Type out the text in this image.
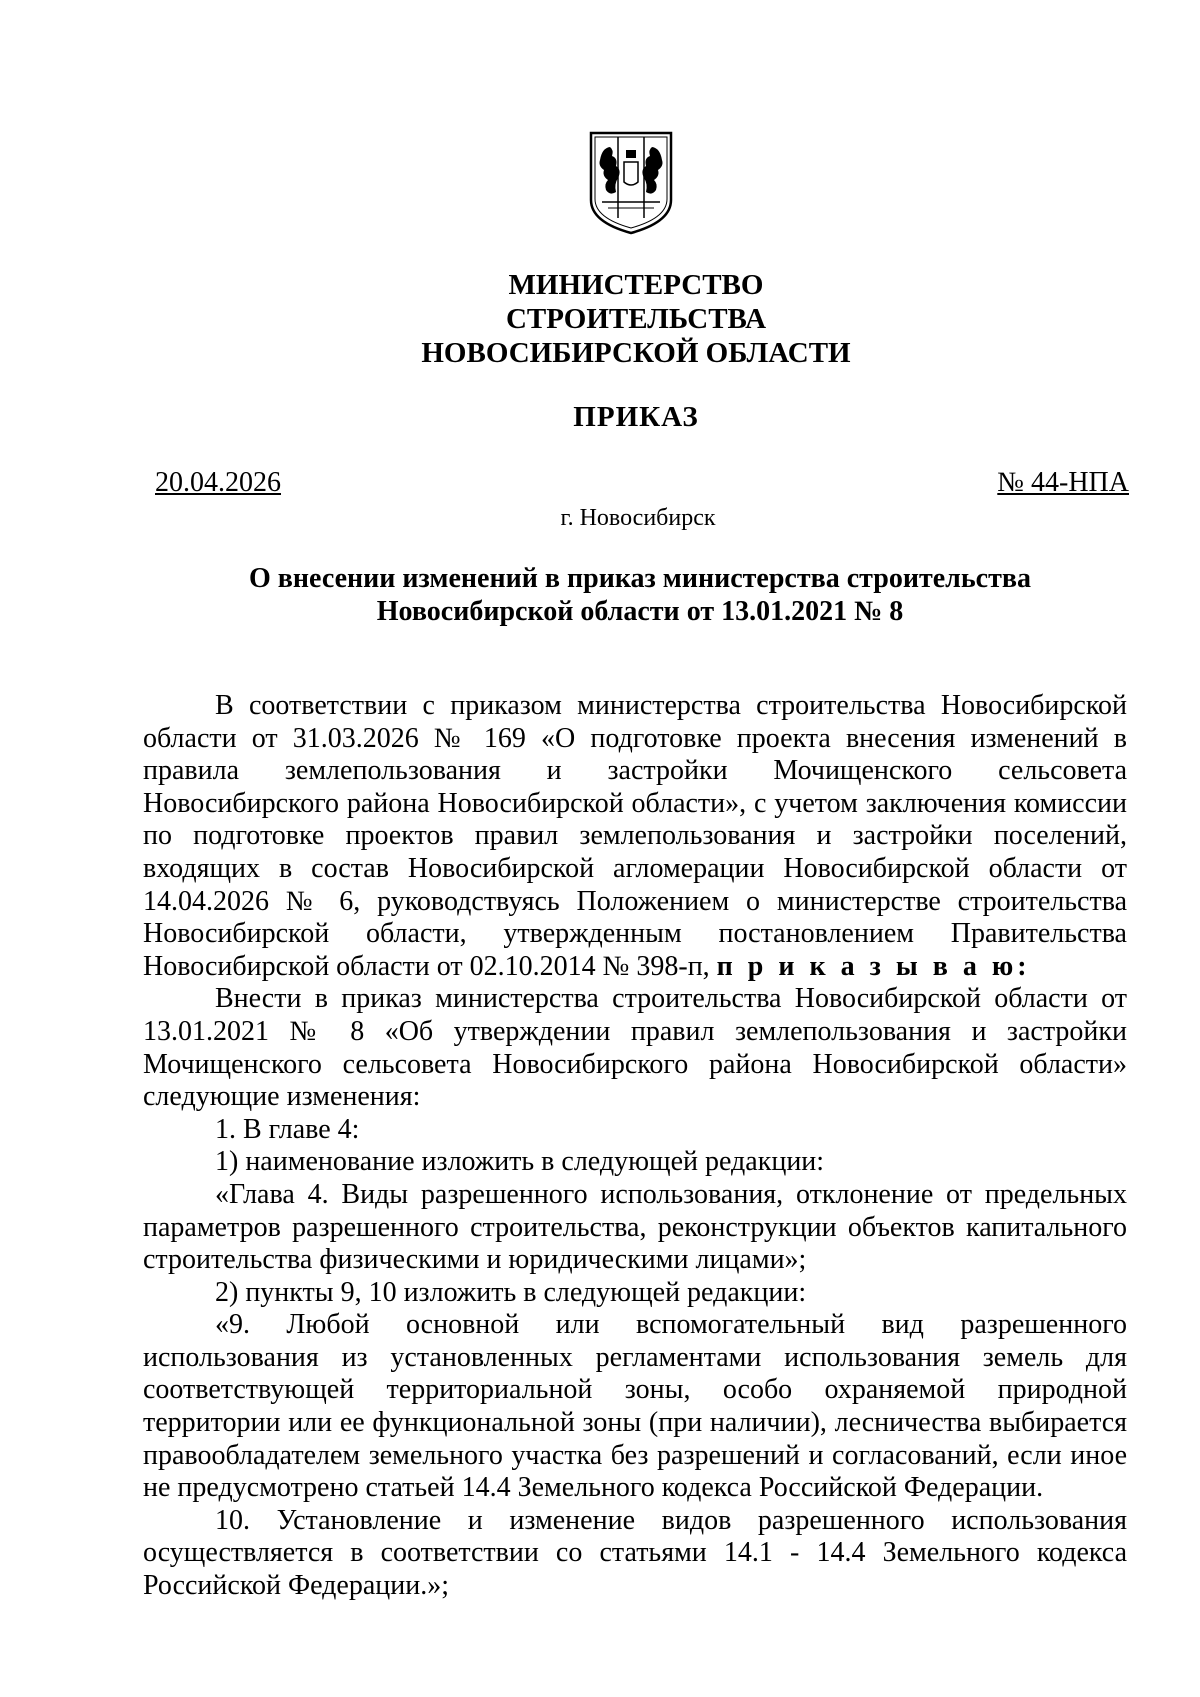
МИНИСТЕРСТВО
СТРОИТЕЛЬСТВА
НОВОСИБИРСКОЙ ОБЛАСТИ
ПРИКАЗ
20.04.2026	№ 44-НПА
г. Новосибирск
О внесении изменений в приказ министерства строительства
Новосибирской области от 13.01.2021 № 8

В соответствии с приказом министерства строительства Новосибирской области от 31.03.2026 № 169 «О подготовке проекта внесения изменений в правила землепользования и застройки Мочищенского сельсовета Новосибирского района Новосибирской области», с учетом заключения комиссии по подготовке проектов правил землепользования и застройки поселений, входящих в состав Новосибирской агломерации Новосибирской области от 14.04.2026 № 6, руководствуясь Положением о министерстве строительства Новосибирской области, утвержденным постановлением Правительства Новосибирской области от 02.10.2014 № 398-п, п р и к а з ы в а ю:

Внести в приказ министерства строительства Новосибирской области от 13.01.2021 № 8 «Об утверждении правил землепользования и застройки Мочищенского сельсовета Новосибирского района Новосибирской области» следующие изменения:

1. В главе 4:

1) наименование изложить в следующей редакции:

«Глава 4. Виды разрешенного использования, отклонение от предельных параметров разрешенного строительства, реконструкции объектов капитального строительства физическими и юридическими лицами»;

2) пункты 9, 10 изложить в следующей редакции:

«9. Любой основной или вспомогательный вид разрешенного использования из установленных регламентами использования земель для соответствующей территориальной зоны, особо охраняемой природной территории или ее функциональной зоны (при наличии), лесничества выбирается правообладателем земельного участка без разрешений и согласований, если иное не предусмотрено статьей 14.4 Земельного кодекса Российской Федерации.

10. Установление и изменение видов разрешенного использования осуществляется в соответствии со статьями 14.1 - 14.4 Земельного кодекса Российской Федерации.»;
